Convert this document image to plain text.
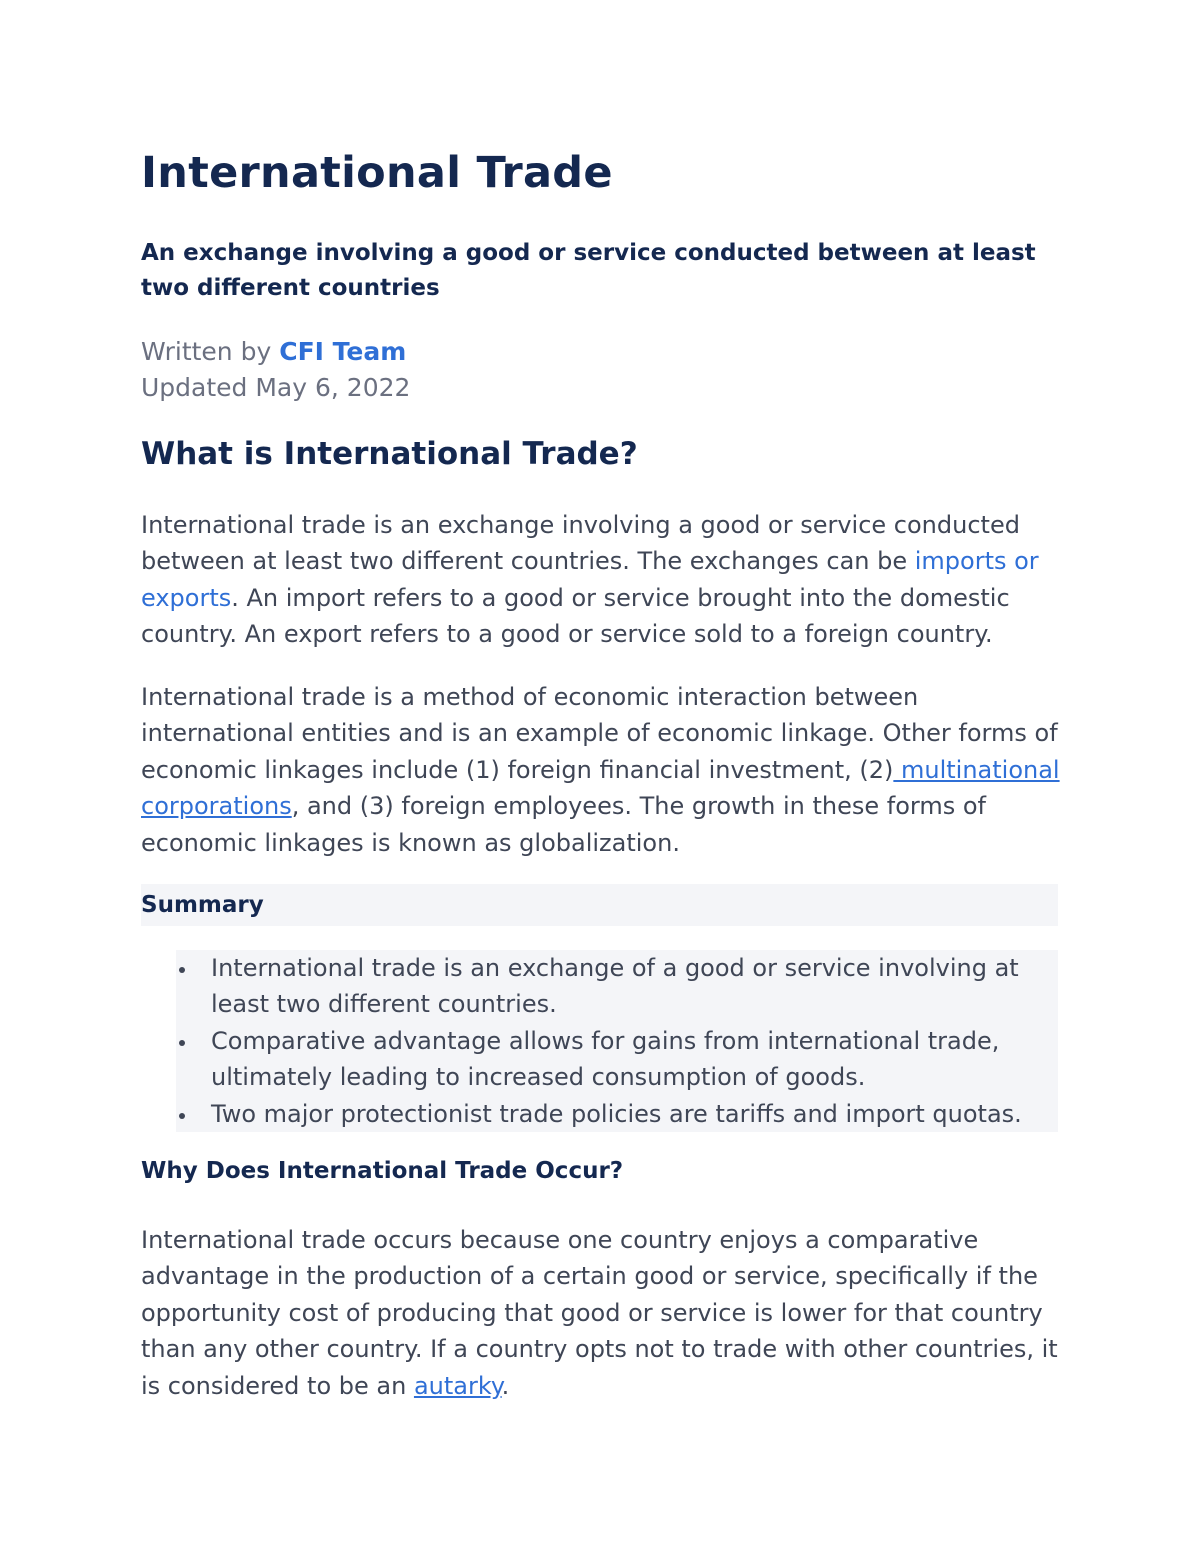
International Trade

An exchange involving a good or service conducted between at least two different countries

Written by CFI Team
Updated May 6, 2022
What is International Trade?

International trade is an exchange involving a good or service conducted between at least two different countries. The exchanges can be imports or exports. An import refers to a good or service brought into the domestic country. An export refers to a good or service sold to a foreign country.

International trade is a method of economic interaction between international entities and is an example of economic linkage. Other forms of economic linkages include (1) foreign financial investment, (2) multinational corporations, and (3) foreign employees. The growth in these forms of economic linkages is known as globalization.

Summary
International trade is an exchange of a good or service involving at least two different countries.
Comparative advantage allows for gains from international trade, ultimately leading to increased consumption of goods.
Two major protectionist trade policies are tariffs and import quotas.
Why Does International Trade Occur?

International trade occurs because one country enjoys a comparative advantage in the production of a certain good or service, specifically if the opportunity cost of producing that good or service is lower for that country than any other country. If a country opts not to trade with other countries, it is considered to be an autarky.
